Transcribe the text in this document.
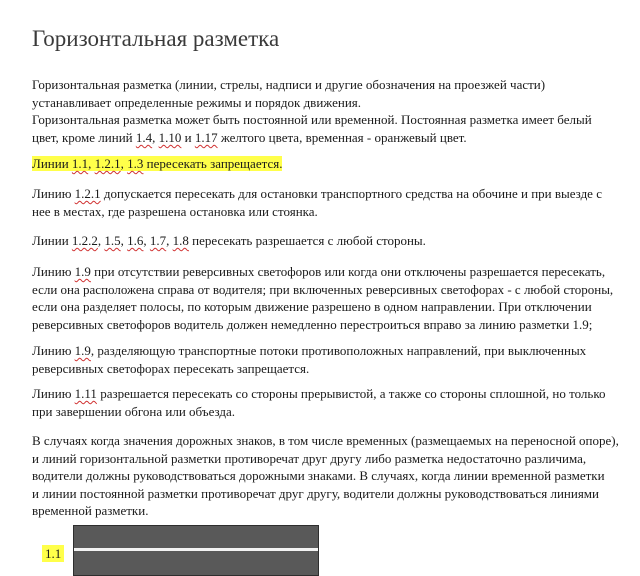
Горизонтальная разметка

Горизонтальная разметка (линии, стрелы, надписи и другие обозначения на проезжей части)
устанавливает определенные режимы и порядок движения.
Горизонтальная разметка может быть постоянной или временной. Постоянная разметка имеет белый
цвет, кроме линий 1.4, 1.10 и 1.17 желтого цвета, временная - оранжевый цвет.

Линии 1.1, 1.2.1, 1.3 пересекать запрещается.

Линию 1.2.1 допускается пересекать для остановки транспортного средства на обочине и при выезде с
нее в местах, где разрешена остановка или стоянка.

Линии 1.2.2, 1.5, 1.6, 1.7, 1.8 пересекать разрешается с любой стороны.

Линию 1.9 при отсутствии реверсивных светофоров или когда они отключены разрешается пересекать,
если она расположена справа от водителя; при включенных реверсивных светофорах - с любой стороны,
если она разделяет полосы, по которым движение разрешено в одном направлении. При отключении
реверсивных светофоров водитель должен немедленно перестроиться вправо за линию разметки 1.9;

Линию 1.9, разделяющую транспортные потоки противоположных направлений, при выключенных
реверсивных светофорах пересекать запрещается.

Линию 1.11 разрешается пересекать со стороны прерывистой, а также со стороны сплошной, но только
при завершении обгона или объезда.

В случаях когда значения дорожных знаков, в том числе временных (размещаемых на переносной опоре),
и линий горизонтальной разметки противоречат друг другу либо разметка недостаточно различима,
водители должны руководствоваться дорожными знаками. В случаях, когда линии временной разметки
и линии постоянной разметки противоречат друг другу, водители должны руководствоваться линиями
временной разметки.

1.1
